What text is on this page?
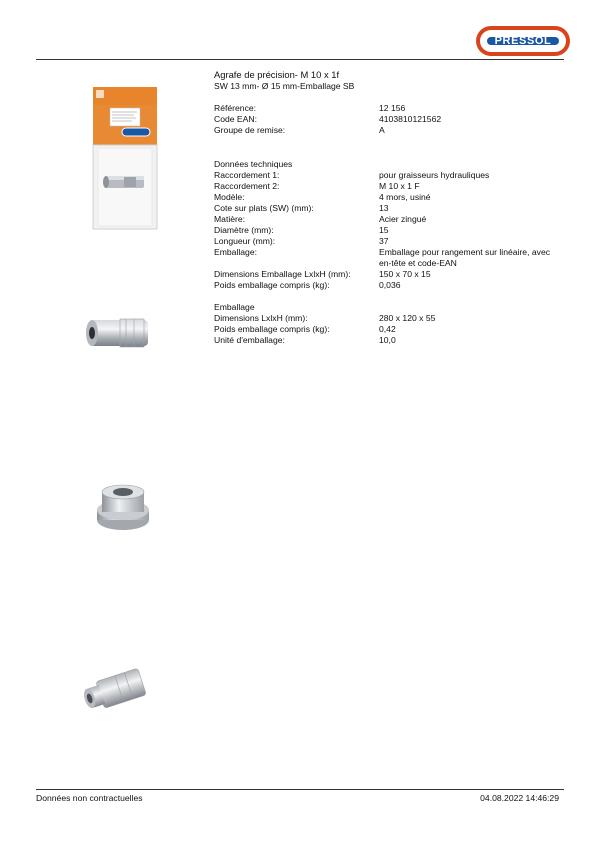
PRESSOL
Agrafe de précision- M 10 x 1f
SW 13 mm- Ø 15 mm-Emballage SB
Référence:	12 156
Code EAN:	4103810121562
Groupe de remise:	A
Données techniques
Raccordement 1:	pour graisseurs hydrauliques
Raccordement 2:	M 10 x 1 F
Modèle:	4 mors, usiné
Cote sur plats (SW) (mm):	13
Matière:	Acier zingué
Diamètre (mm):	15
Longueur (mm):	37
Emballage:	Emballage pour rangement sur linéaire, avec
en-tête et code-EAN
Dimensions Emballage LxlxH (mm):	150 x 70 x 15
Poids emballage compris (kg):	0,036
Emballage
Dimensions LxlxH (mm):	280 x 120 x 55
Poids emballage compris (kg):	0,42
Unité d'emballage:	10,0
Données non contractuelles	04.08.2022 14:46:29
